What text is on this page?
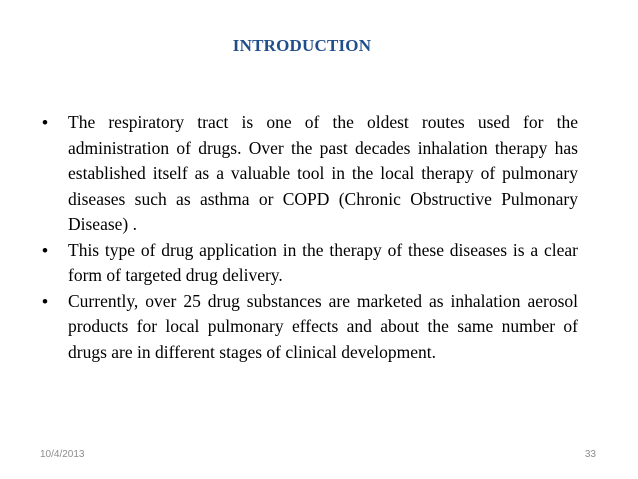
INTRODUCTION
• The respiratory tract is one of the oldest routes used for the administration of drugs. Over the past decades inhalation therapy has established itself as a valuable tool in the local therapy of pulmonary diseases such as asthma or COPD (Chronic Obstructive Pulmonary Disease) .
• This type of drug application in the therapy of these diseases is a clear form of targeted drug delivery.
• Currently, over 25 drug substances are marketed as inhalation aerosol products for local pulmonary effects and about the same number of drugs are in different stages of clinical development.
10/4/2013	33
